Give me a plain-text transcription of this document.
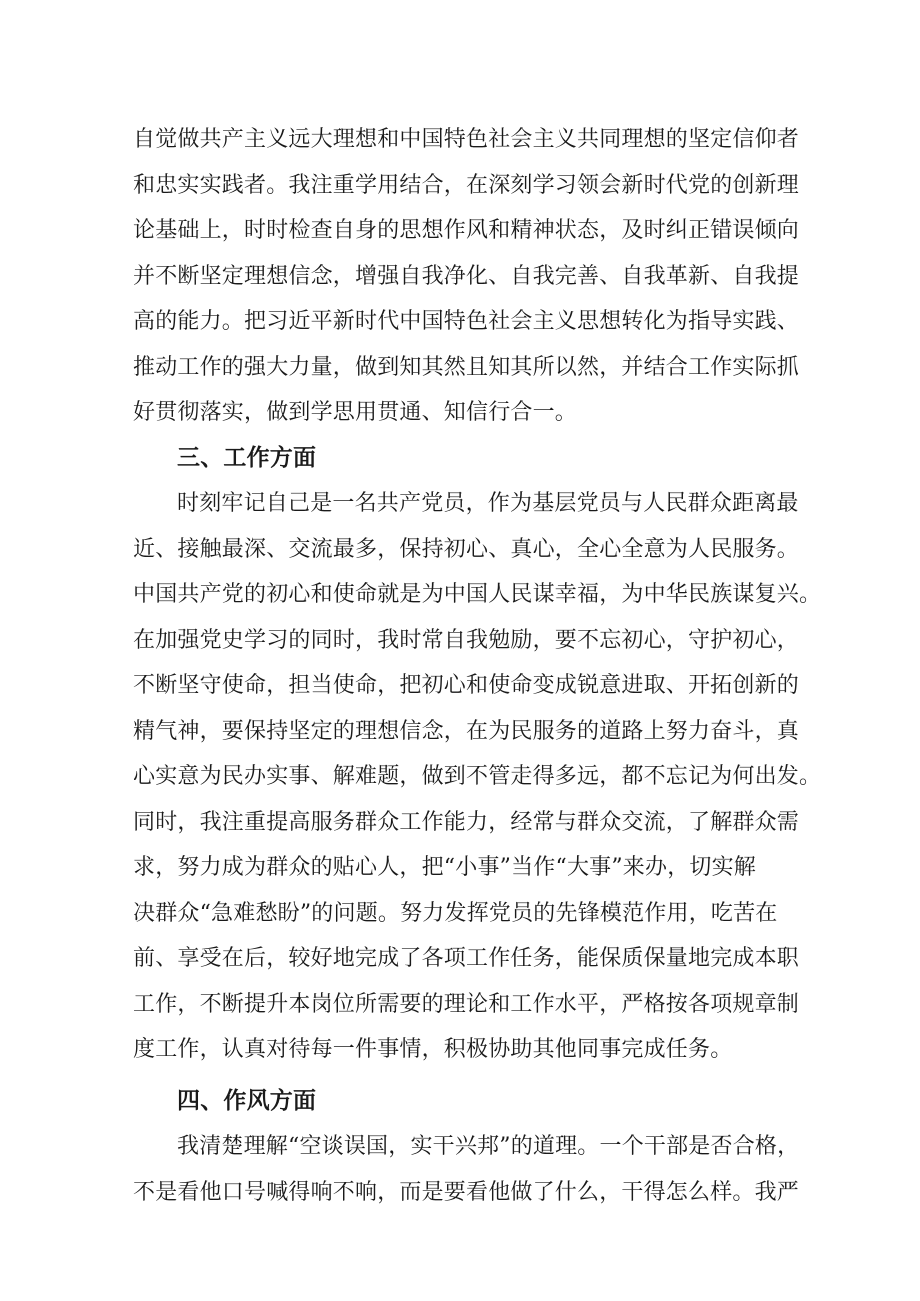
自觉做共产主义远大理想和中国特色社会主义共同理想的坚定信仰者
和忠实实践者。我注重学用结合，在深刻学习领会新时代党的创新理
论基础上，时时检查自身的思想作风和精神状态，及时纠正错误倾向
并不断坚定理想信念，增强自我净化、自我完善、自我革新、自我提
高的能力。把习近平新时代中国特色社会主义思想转化为指导实践、
推动工作的强大力量，做到知其然且知其所以然，并结合工作实际抓
好贯彻落实，做到学思用贯通、知信行合一。
三、工作方面
时刻牢记自己是一名共产党员，作为基层党员与人民群众距离最
近、接触最深、交流最多，保持初心、真心，全心全意为人民服务。
中国共产党的初心和使命就是为中国人民谋幸福，为中华民族谋复兴。
在加强党史学习的同时，我时常自我勉励，要不忘初心，守护初心，
不断坚守使命，担当使命，把初心和使命变成锐意进取、开拓创新的
精气神，要保持坚定的理想信念，在为民服务的道路上努力奋斗，真
心实意为民办实事、解难题，做到不管走得多远，都不忘记为何出发。
同时，我注重提高服务群众工作能力，经常与群众交流，了解群众需
求，努力成为群众的贴心人，把“小事”当作“大事”来办，切实解
决群众“急难愁盼”的问题。努力发挥党员的先锋模范作用，吃苦在
前、享受在后，较好地完成了各项工作任务，能保质保量地完成本职
工作，不断提升本岗位所需要的理论和工作水平，严格按各项规章制
度工作，认真对待每一件事情，积极协助其他同事完成任务。
四、作风方面
我清楚理解“空谈误国，实干兴邦”的道理。一个干部是否合格，
不是看他口号喊得响不响，而是要看他做了什么，干得怎么样。我严
